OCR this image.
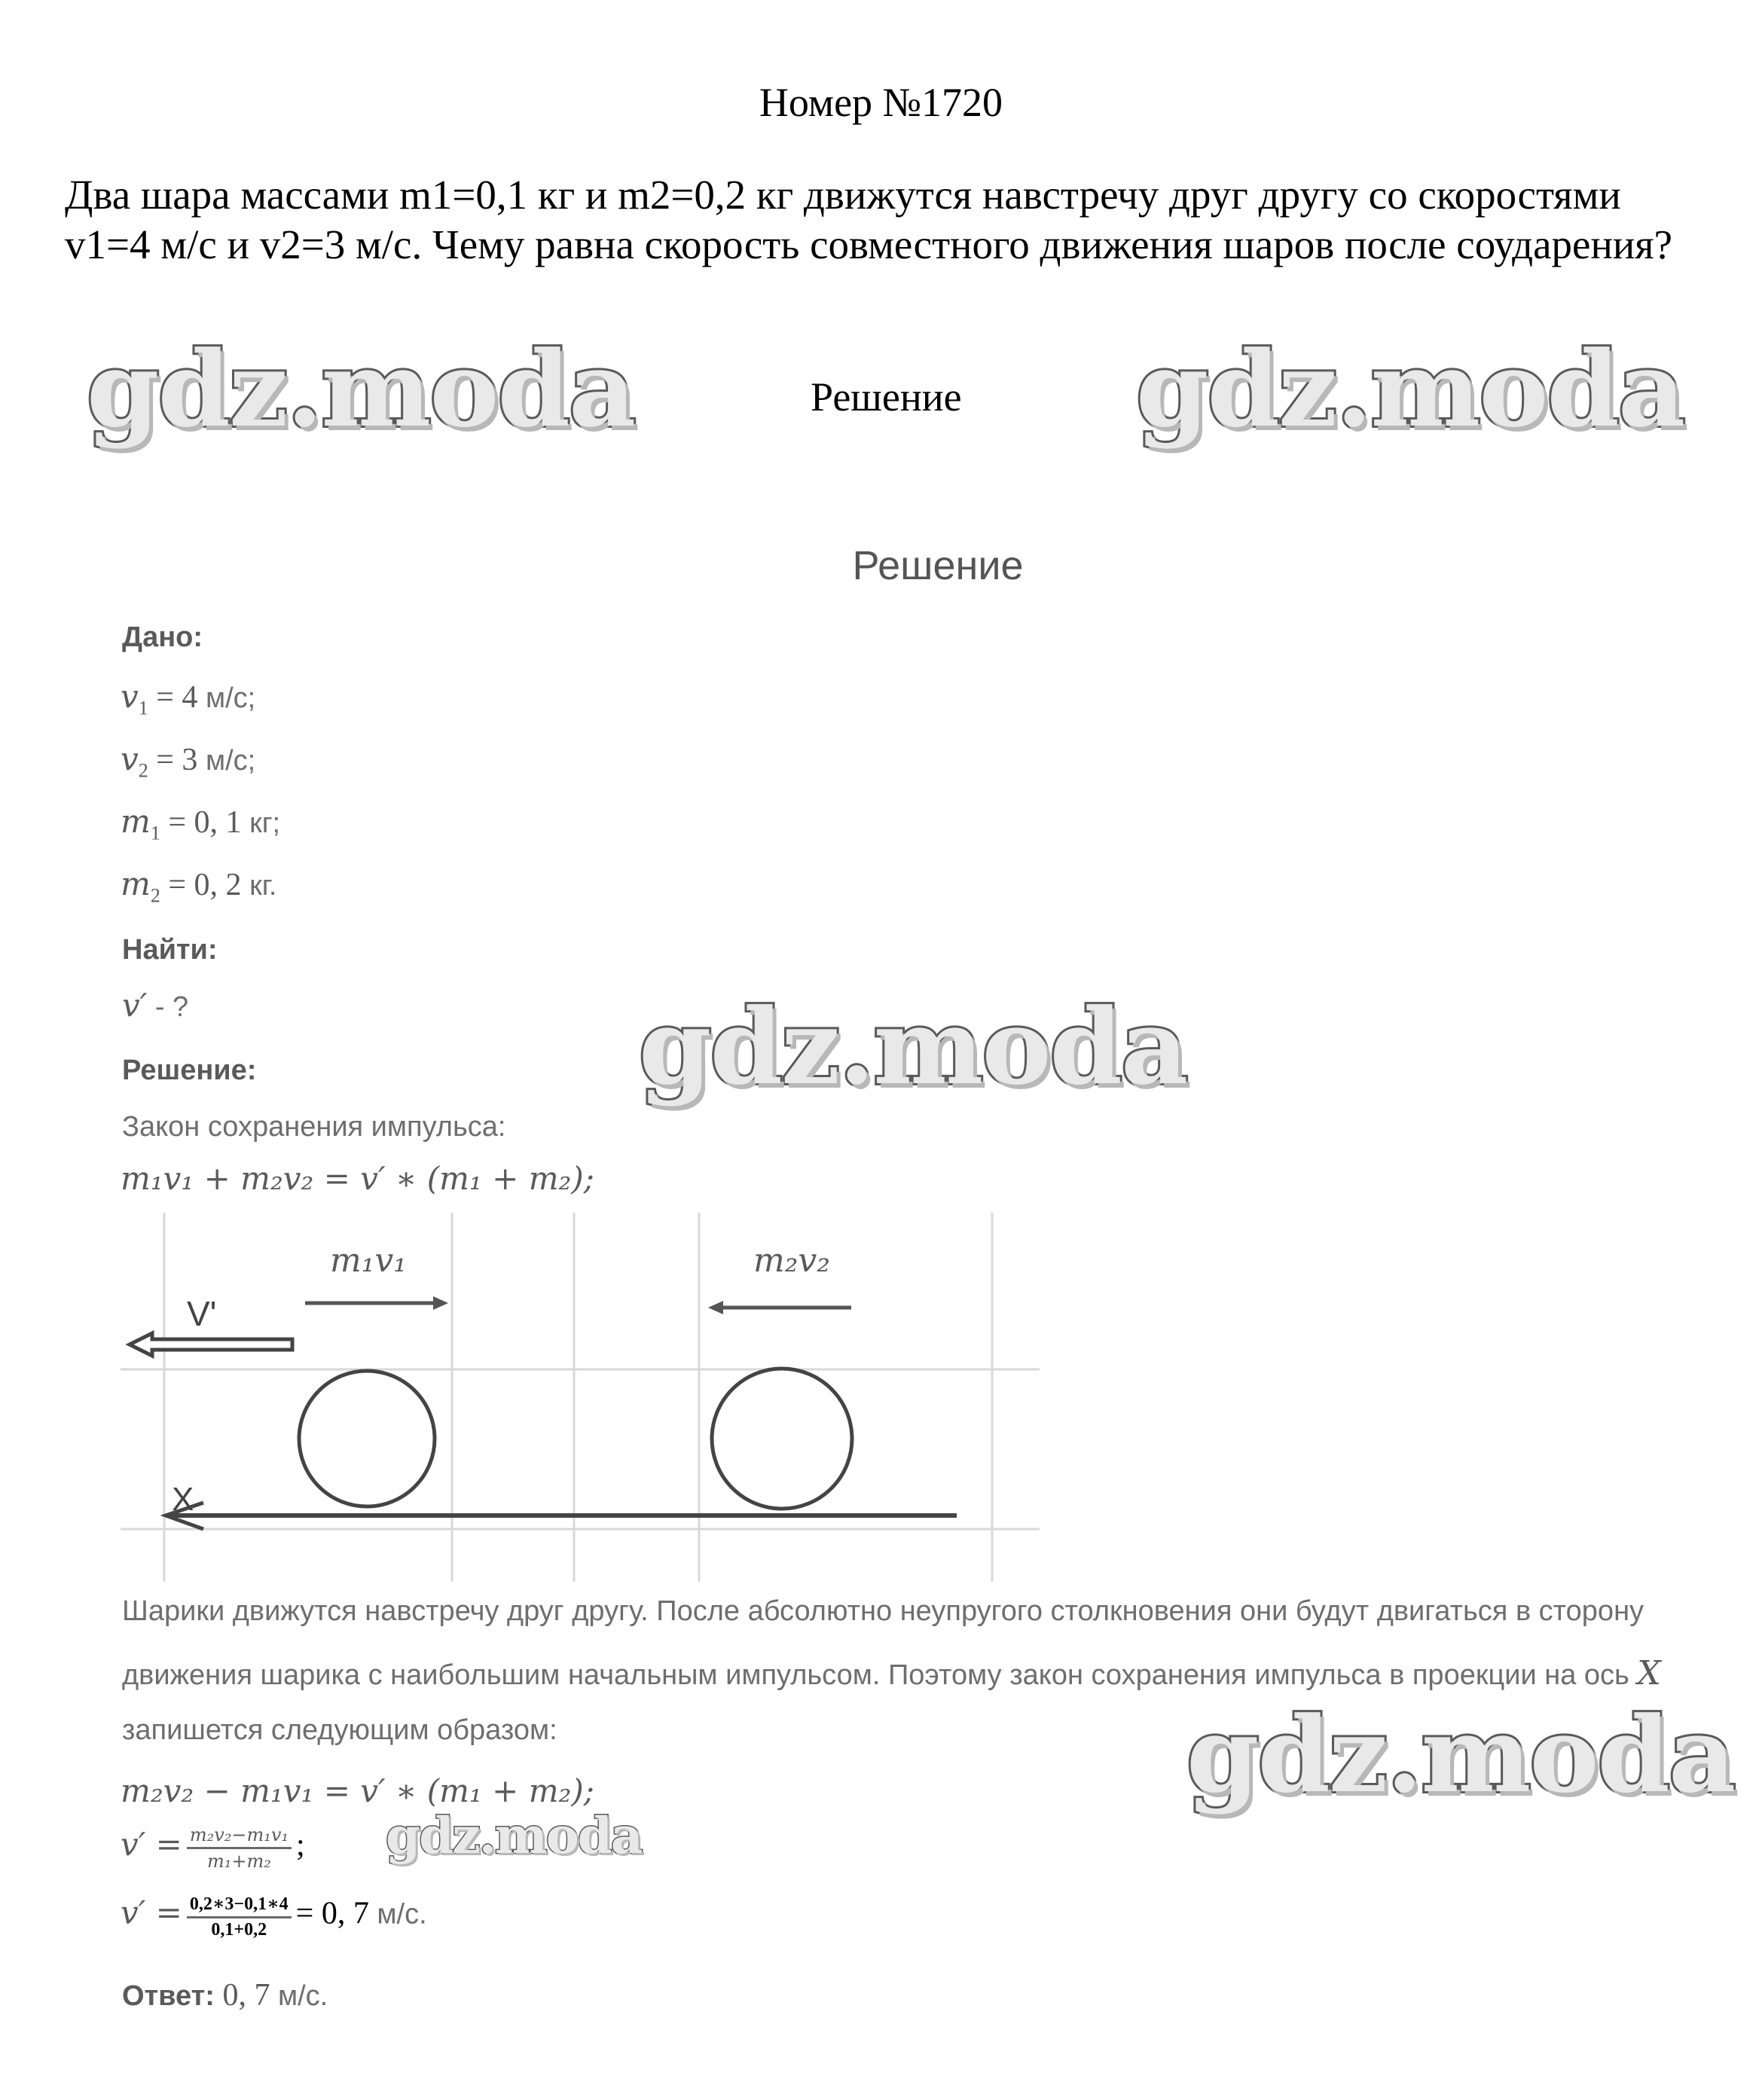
Номер №1720
Два шара массами m1=0,1 кг и m2=0,2 кг движутся навстречу друг другу со скоростями v1=4 м/с и v2=3 м/с. Чему равна скорость совместного движения шаров после соударения?
gdz.moda	Решение gdz.moda
Решение
Дано:
$v_1 = 4$ м/с;
$v_2 = 3$ м/с;
$m_1 = 0$, 1 кг;
$m_2 = 0$, 2 кг.
Найти:
v′ - ?	gdz.moda
Решение:
Закон сохранения импульса:
m₁v₁ + m₂v₂ = v′ ∗ (m₁ + m₂);
m₁v₁	m₂v₂
V'
X
Шарики движутся навстречу друг другу. После абсолютно неупругого столкновения они будут двигаться в сторону
движения шарика с наибольшим начальным импульсом. Поэтому закон сохранения импульса в проекции на ось X
запишется следующим образом:	gdz.moda
m₂v₂ − m₁v₁ = v′ ∗ (m₁ + m₂);
$v' = \frac{\text{m₂v₂−m₁v₁}}{\text{m₁+m₂}}$ ; gdz.moda
$v' = \frac{0,2∗3-0,1∗4}{0,1+0,2} = 0$, 7 м/с.
Ответ: 0, 7 м/с.
